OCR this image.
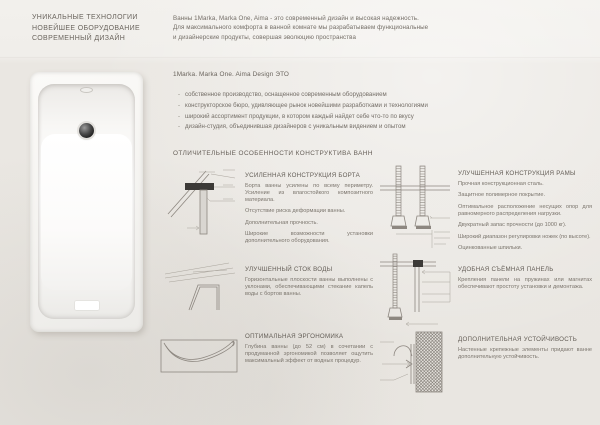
УНИКАЛЬНЫЕ ТЕХНОЛОГИИ
НОВЕЙШЕЕ ОБОРУДОВАНИЕ
СОВРЕМЕННЫЙ ДИЗАЙН
Ванны 1Marka, Marka One, Aima - это современный дизайн и высокая надежность.
Для максимального комфорта в ванной комнате мы разрабатываем функциональные
и дизайнерские продукты, совершая эволюцию пространства
1Marka. Marka One. Aima Design ЭТО
- собственное производство, оснащенное современным оборудованием
- конструкторское бюро, удивляющее рынок новейшими разработками и технологиями
- широкий ассортимент продукции, в котором каждый найдет себе что-то по вкусу
- дизайн-студия, объединившая дизайнеров с уникальным видением и опытом
ОТЛИЧИТЕЛЬНЫЕ ОСОБЕННОСТИ КОНСТРУКТИВА ВАНН
УСИЛЕННАЯ КОНСТРУКЦИЯ БОРТА

Борта ванны усилены по всему периметру. Усиление из влагостойкого композитного материала.

Отсутствие риска деформации ванны.

Дополнительная прочность.

Широкие возможности установки дополнительного оборудования.

УЛУЧШЕННЫЙ СТОК ВОДЫ

Горизонтальные плоскости ванны выполнены с уклонами, обеспечивающими стекание капель воды с бортов ванны.

ОПТИМАЛЬНАЯ ЭРГОНОМИКА

Глубина ванны (до 52 см) в сочетании с продуманной эргономикой позволяет ощутить максимальный эффект от водных процедур.

УЛУЧШЕННАЯ КОНСТРУКЦИЯ РАМЫ

Прочная конструкционная сталь.

Защитное полимерное покрытие.

Оптимальное расположение несущих опор для равномерного распределения нагрузки.

Двукратный запас прочности (до 1000 кг).

Широкий диапазон регулировки ножек (по высоте).

Оцинкованные шпильки.

УДОБНАЯ СЪЁМНАЯ ПАНЕЛЬ

Крепления панели на пружинах или магнитах обеспечивают простоту установки и демонтажа.

ДОПОЛНИТЕЛЬНАЯ УСТОЙЧИВОСТЬ

Настенные крепежные элементы придают ванне дополнительную устойчивость.
